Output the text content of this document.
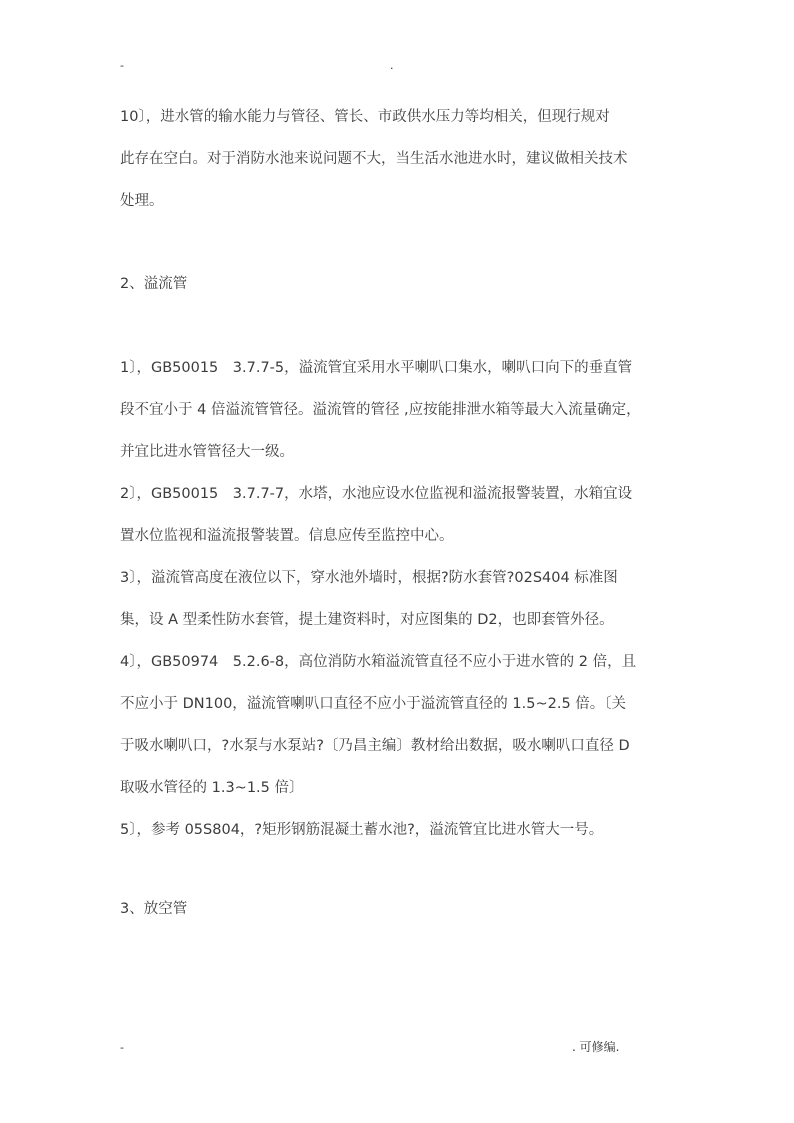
-	.
10〕，进水管的输水能力与管径、管长、市政供水压力等均相关，但现行规对
此存在空白。对于消防水池来说问题不大，当生活水池进水时，建议做相关技术
处理。
2、溢流管
1〕，GB50015　3.7.7-5，溢流管宜采用水平喇叭口集水，喇叭口向下的垂直管
段不宜小于 4 倍溢流管管径。溢流管的管径 ,应按能排泄水箱等最大入流量确定，
并宜比进水管管径大一级。
2〕，GB50015　3.7.7-7，水塔，水池应设水位监视和溢流报警装置，水箱宜设
置水位监视和溢流报警装置。信息应传至监控中心。
3〕，溢流管高度在液位以下，穿水池外墙时，根据?防水套管?02S404 标准图
集，设 A 型柔性防水套管，提土建资料时，对应图集的 D2，也即套管外径。
4〕，GB50974　5.2.6-8，高位消防水箱溢流管直径不应小于进水管的 2 倍，且
不应小于 DN100，溢流管喇叭口直径不应小于溢流管直径的 1.5~2.5 倍。〔关
于吸水喇叭口，?水泵与水泵站?〔乃昌主编〕教材给出数据，吸水喇叭口直径 D
取吸水管径的 1.3~1.5 倍〕
5〕，参考 05S804，?矩形钢筋混凝土蓄水池?，溢流管宜比进水管大一号。
3、放空管
-	. 可修编.
